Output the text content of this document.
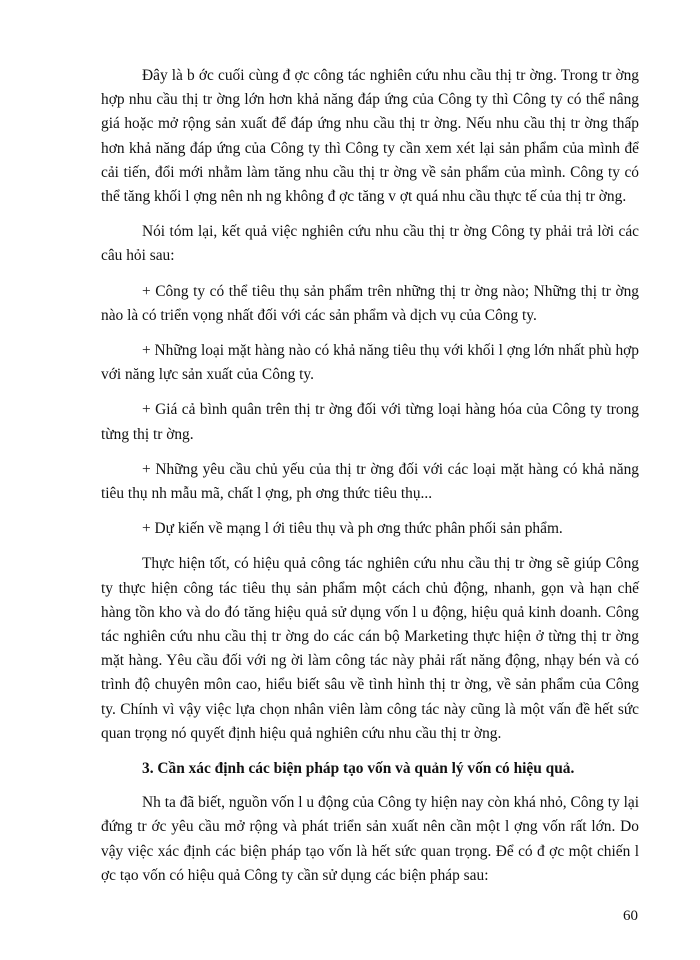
Đây là b ớc cuối cùng đ ợc công tác nghiên cứu nhu cầu thị tr ờng. Trong tr ờng hợp nhu cầu thị tr ờng lớn hơn khả năng đáp ứng của Công ty thì Công ty có thể nâng giá hoặc mở rộng sản xuất để đáp ứng nhu cầu thị tr ờng. Nếu nhu cầu thị tr ờng thấp hơn khả năng đáp ứng của Công ty thì Công ty cần xem xét lại sản phẩm của mình để cải tiến, đổi mới nhằm làm tăng nhu cầu thị tr ờng về sản phẩm của mình. Công ty có thể tăng khối l ợng nên nh ng không đ ợc tăng v ợt quá nhu cầu thực tế của thị tr ờng.

Nói tóm lại, kết quả việc nghiên cứu nhu cầu thị tr ờng Công ty phải trả lời các câu hỏi sau:

+ Công ty có thể tiêu thụ sản phẩm trên những thị tr ờng nào; Những thị tr ờng nào là có triển vọng nhất đối với các sản phẩm và dịch vụ của Công ty.

+ Những loại mặt hàng nào có khả năng tiêu thụ với khối l ợng lớn nhất phù hợp với năng lực sản xuất của Công ty.

+ Giá cả bình quân trên thị tr ờng đối với từng loại hàng hóa của Công ty trong từng thị tr ờng.

+ Những yêu cầu chủ yếu của thị tr ờng đối với các loại mặt hàng có khả năng tiêu thụ nh mẫu mã, chất l ợng, ph ơng thức tiêu thụ...

+ Dự kiến về mạng l ới tiêu thụ và ph ơng thức phân phối sản phẩm.

Thực hiện tốt, có hiệu quả công tác nghiên cứu nhu cầu thị tr ờng sẽ giúp Công ty thực hiện công tác tiêu thụ sản phẩm một cách chủ động, nhanh, gọn và hạn chế hàng tồn kho và do đó tăng hiệu quả sử dụng vốn l u động, hiệu quả kinh doanh. Công tác nghiên cứu nhu cầu thị tr ờng do các cán bộ Marketing thực hiện ở từng thị tr ờng mặt hàng. Yêu cầu đối với ng ời làm công tác này phải rất năng động, nhạy bén và có trình độ chuyên môn cao, hiểu biết sâu về tình hình thị tr ờng, về sản phẩm của Công ty. Chính vì vậy việc lựa chọn nhân viên làm công tác này cũng là một vấn đề hết sức quan trọng nó quyết định hiệu quả nghiên cứu nhu cầu thị tr ờng.

3. Cần xác định các biện pháp tạo vốn và quản lý vốn có hiệu quả.

Nh ta đã biết, nguồn vốn l u động của Công ty hiện nay còn khá nhỏ, Công ty lại đứng tr ớc yêu cầu mở rộng và phát triển sản xuất nên cần một l ợng vốn rất lớn. Do vậy việc xác định các biện pháp tạo vốn là hết sức quan trọng. Để có đ ợc một chiến l ợc tạo vốn có hiệu quả Công ty cần sử dụng các biện pháp sau:

60
